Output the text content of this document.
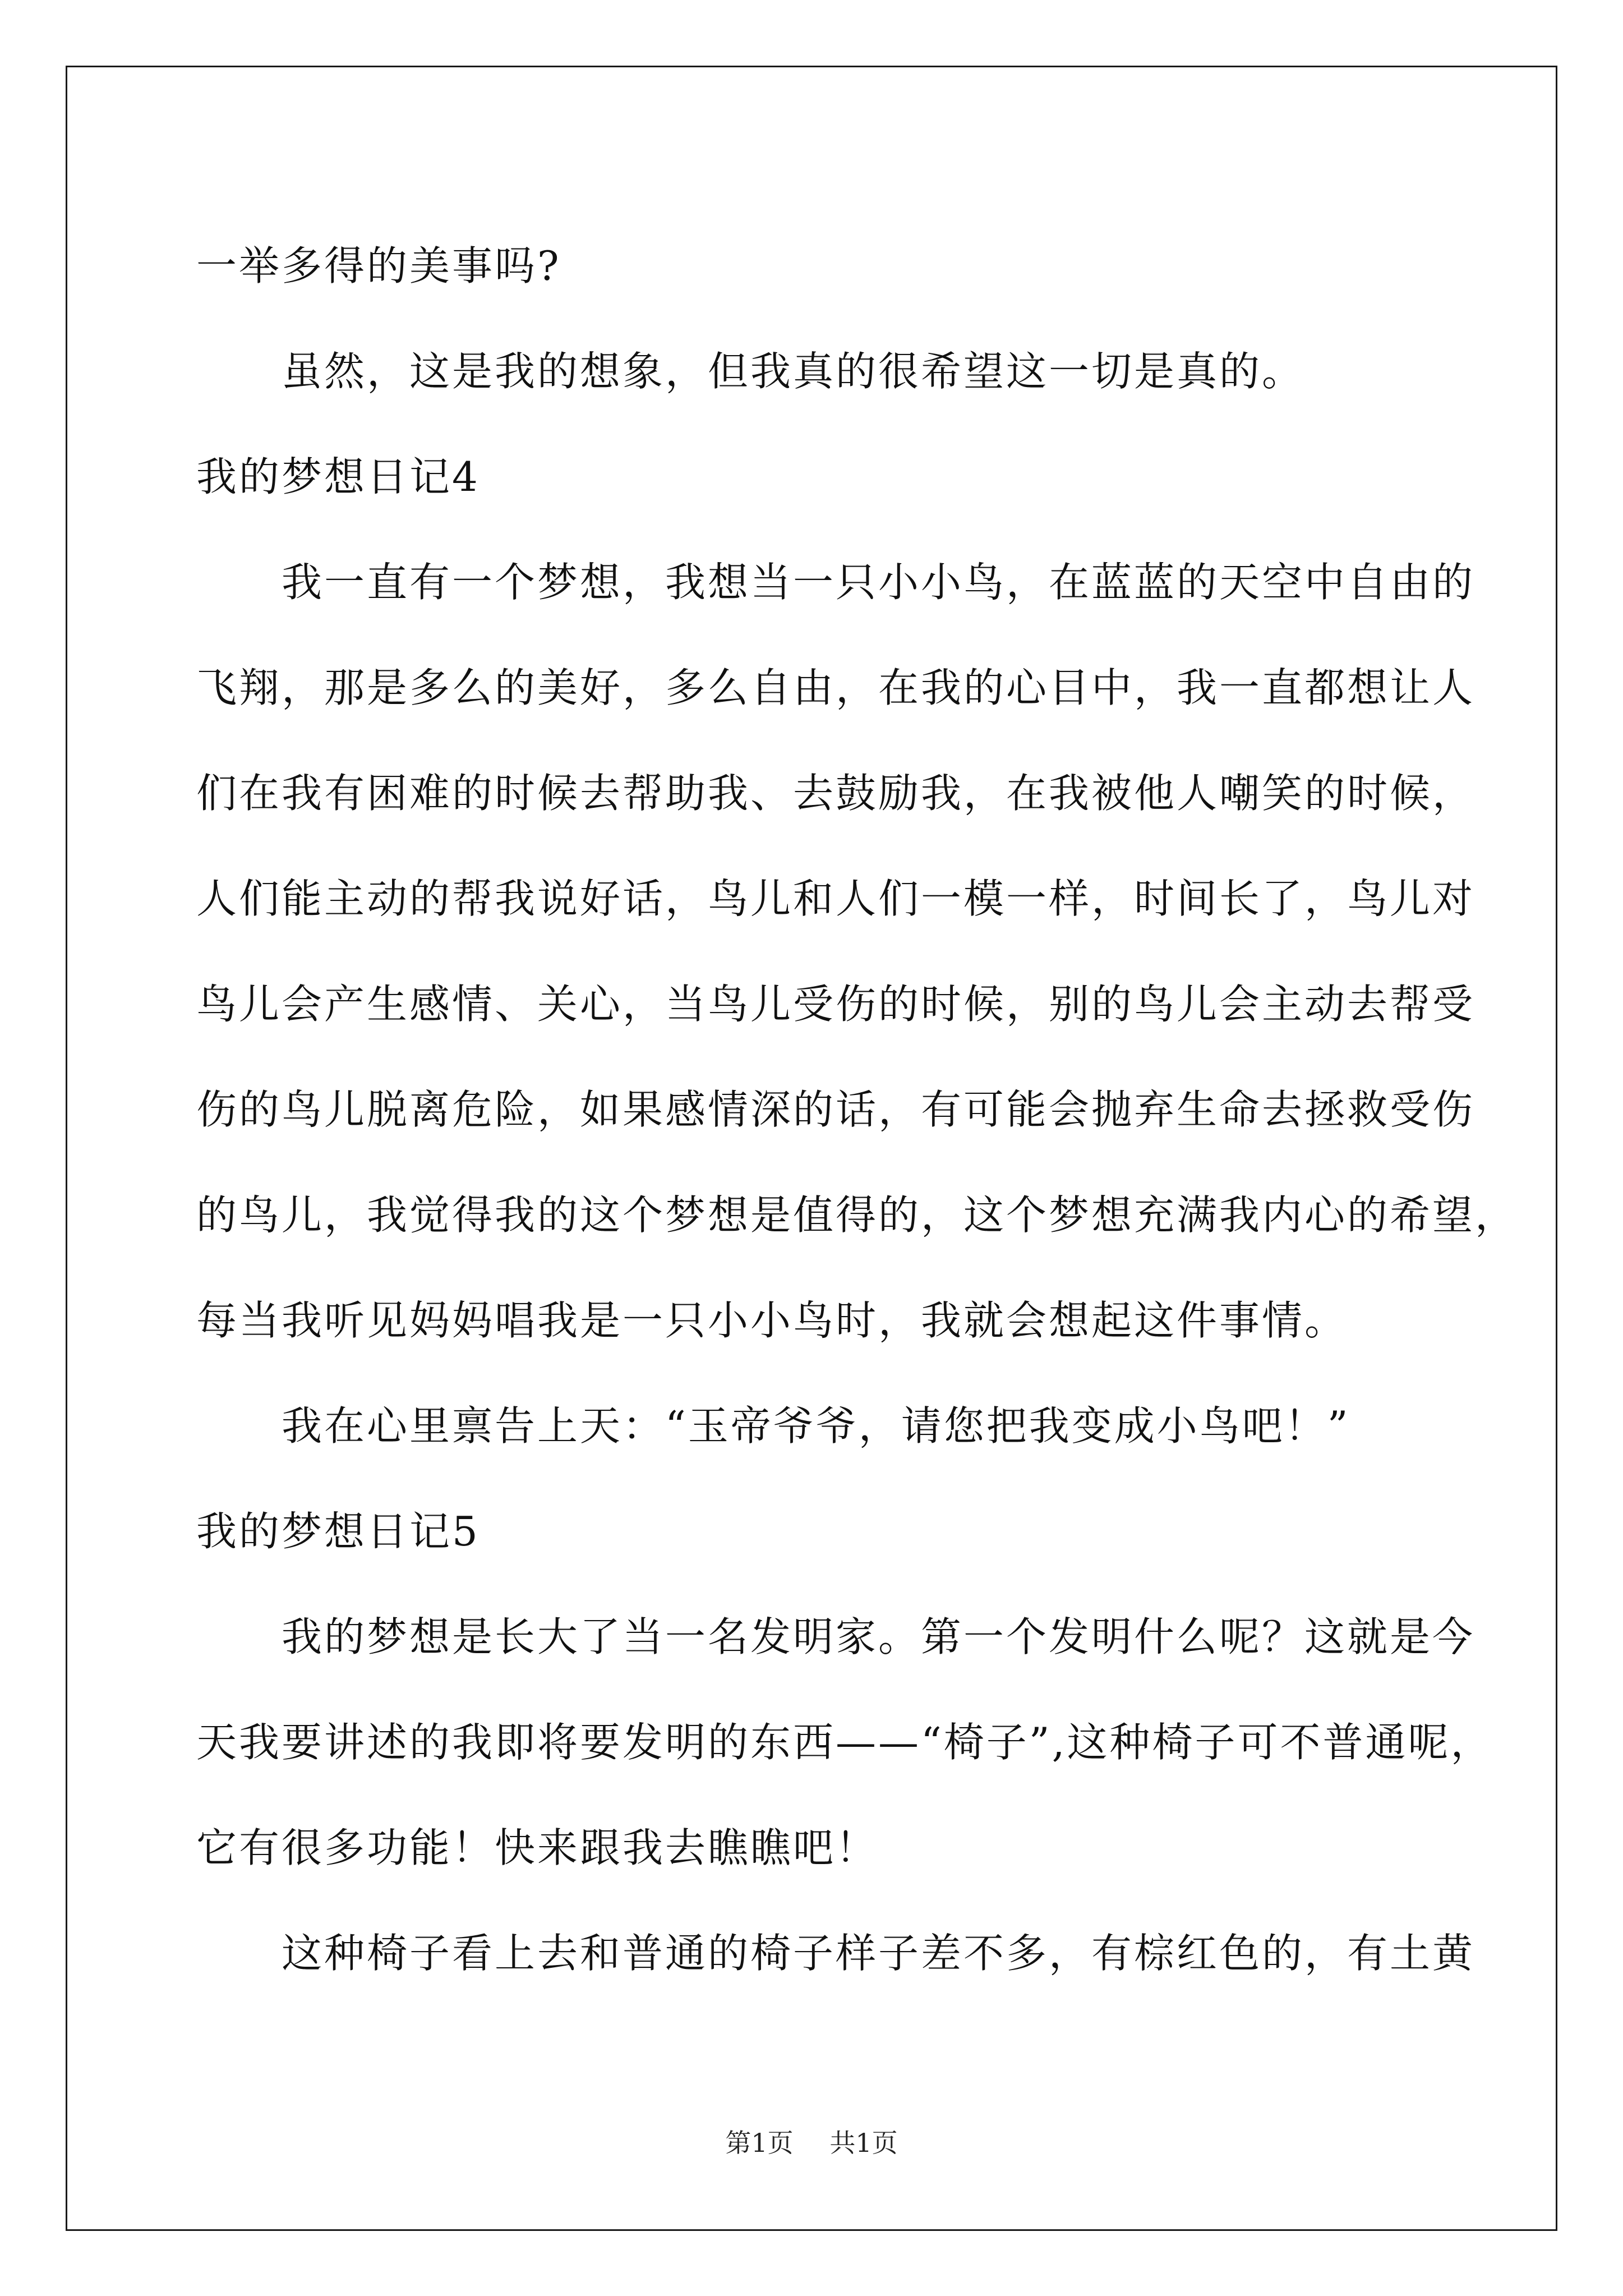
一举多得的美事吗?
虽然，这是我的想象，但我真的很希望这一切是真的。
我的梦想日记4
我一直有一个梦想，我想当一只小小鸟，在蓝蓝的天空中自由的
飞翔，那是多么的美好，多么自由，在我的心目中，我一直都想让人
们在我有困难的时候去帮助我、去鼓励我，在我被他人嘲笑的时候，
人们能主动的帮我说好话，鸟儿和人们一模一样，时间长了，鸟儿对
鸟儿会产生感情、关心，当鸟儿受伤的时候，别的鸟儿会主动去帮受
伤的鸟儿脱离危险，如果感情深的话，有可能会抛弃生命去拯救受伤
的鸟儿，我觉得我的这个梦想是值得的，这个梦想充满我内心的希望，
每当我听见妈妈唱我是一只小小鸟时，我就会想起这件事情。
我在心里禀告上天：“玉帝爷爷，请您把我变成小鸟吧！”
我的梦想日记5
我的梦想是长大了当一名发明家。第一个发明什么呢？这就是今
天我要讲述的我即将要发明的东西——“椅子”,这种椅子可不普通呢，
它有很多功能！快来跟我去瞧瞧吧！
这种椅子看上去和普通的椅子样子差不多，有棕红色的，有土黄
第1页 共1页
